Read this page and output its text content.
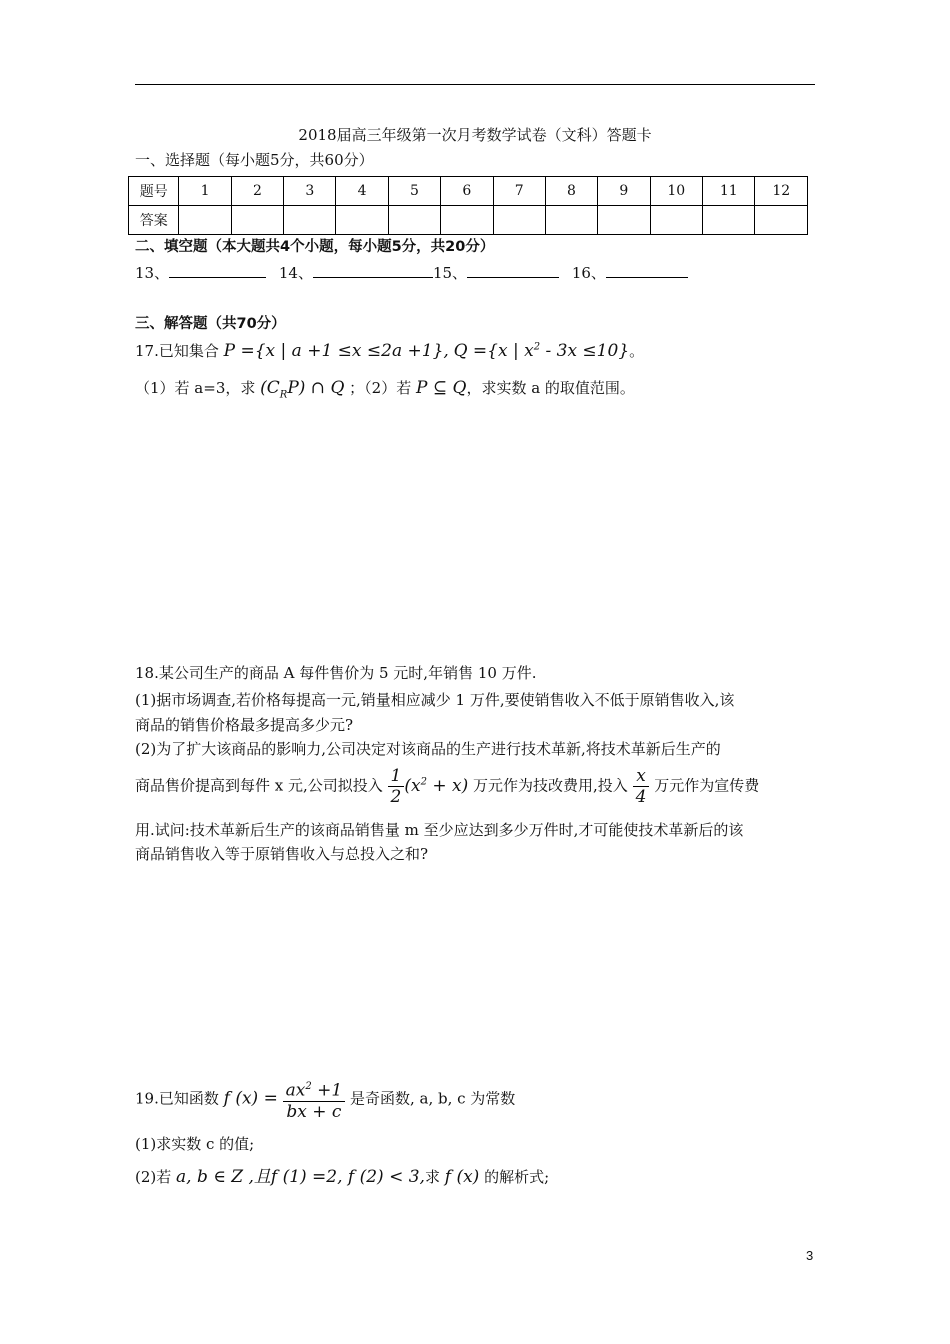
2018届高三年级第一次月考数学试卷（文科）答题卡
一、选择题（每小题5分，共60分）
题号	1	2	3	4	5	6	7	8	9	10	11	12
答案												
二、填空题（本大题共4个小题，每小题5分，共20分）
13、	14、	15、	16、
三、解答题（共70分）
17.已知集合 P ={x | a +1 ≤x ≤2a +1}, Q ={x | $x^2 - 3x \le 10$}。
（1）若 a=3，求 $(C_RP)$ ∩ Q ；（2）若 P ⊆ Q，求实数 a 的取值范围。
18.某公司生产的商品 A 每件售价为 5 元时,年销售 10 万件.
(1)据市场调查,若价格每提高一元,销量相应减少 1 万件,要使销售收入不低于原销售收入,该
商品的销售价格最多提高多少元?
(2)为了扩大该商品的影响力,公司决定对该商品的生产进行技术革新,将技术革新后生产的
商品售价提高到每件 x 元,公司拟投入 $\frac{1}{2} (x^2 + x)$ 万元作为技改费用,投入 $\frac{x}{4}$ 万元作为宣传费
用.试问:技术革新后生产的该商品销售量 m 至少应达到多少万件时,才可能使技术革新后的该
商品销售收入等于原销售收入与总投入之和?
19.已知函数 f $(x) = \frac{ax^2 +1}{bx + c}$ 是奇函数, a, b, c 为常数
(1)求实数 c 的值;
(2)若 a, b ∈ Z ,且f (1) =2, f (2) < 3,求 f (x) 的解析式;
3
